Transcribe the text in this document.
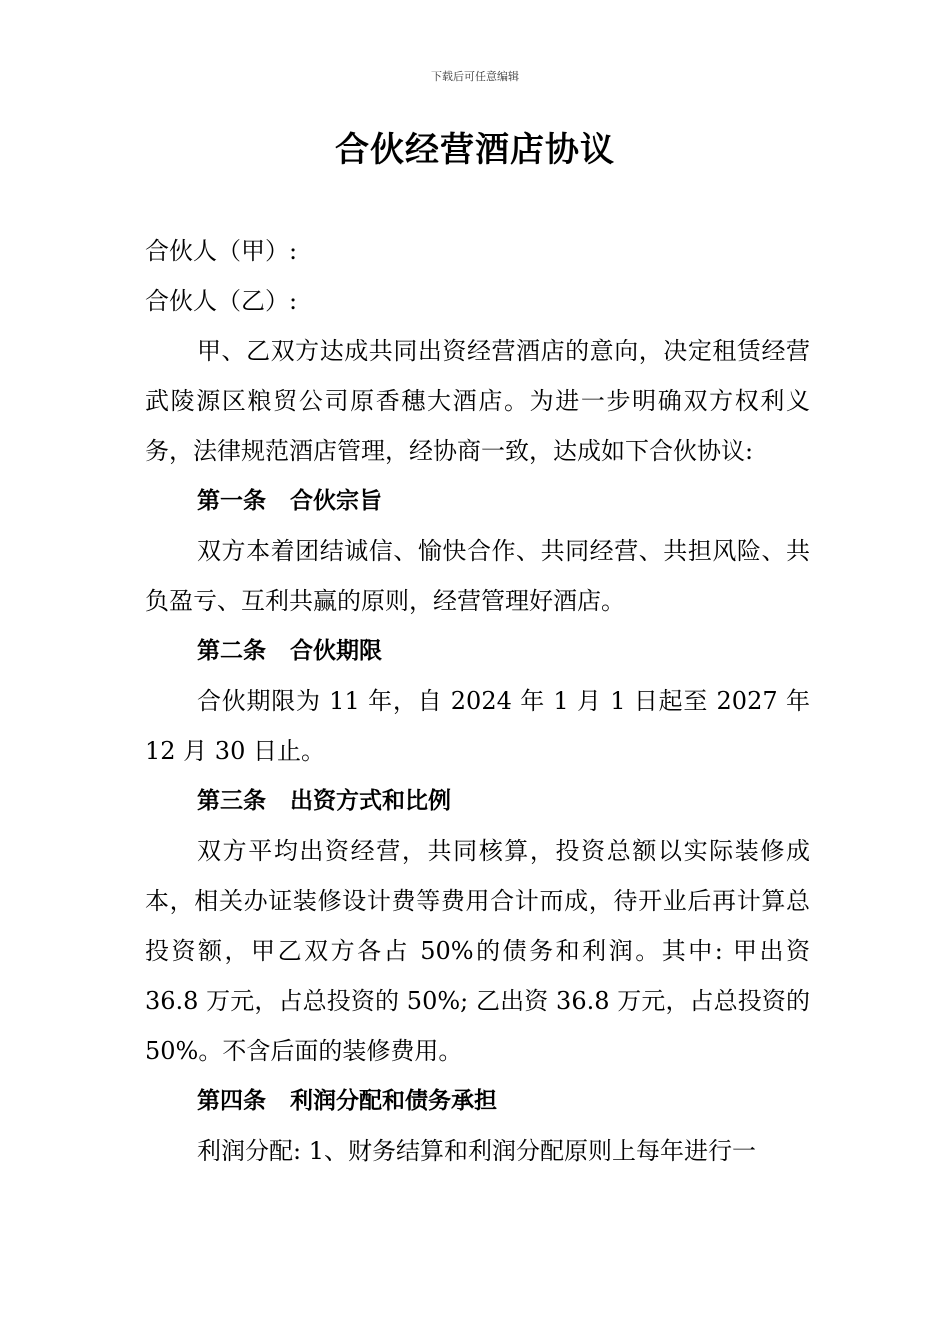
下载后可任意编辑
合伙经营酒店协议

合伙人（甲）:

合伙人（乙）:

甲、乙双方达成共同出资经营酒店的意向，决定租赁经营武陵源区粮贸公司原香穗大酒店。为进一步明确双方权利义务，法律规范酒店管理，经协商一致，达成如下合伙协议:

第一条 合伙宗旨

双方本着团结诚信、愉快合作、共同经营、共担风险、共负盈亏、互利共赢的原则，经营管理好酒店。

第二条 合伙期限

合伙期限为 11 年，自 2024 年 1 月 1 日起至 2027 年 12 月 30 日止。

第三条 出资方式和比例

双方平均出资经营，共同核算，投资总额以实际装修成本，相关办证装修设计费等费用合计而成，待开业后再计算总投资额，甲乙双方各占 50%的债务和利润。其中: 甲出资 36.8 万元，占总投资的 50%; 乙出资 36.8 万元，占总投资的 50%。不含后面的装修费用。

第四条 利润分配和债务承担

利润分配: 1、财务结算和利润分配原则上每年进行一
